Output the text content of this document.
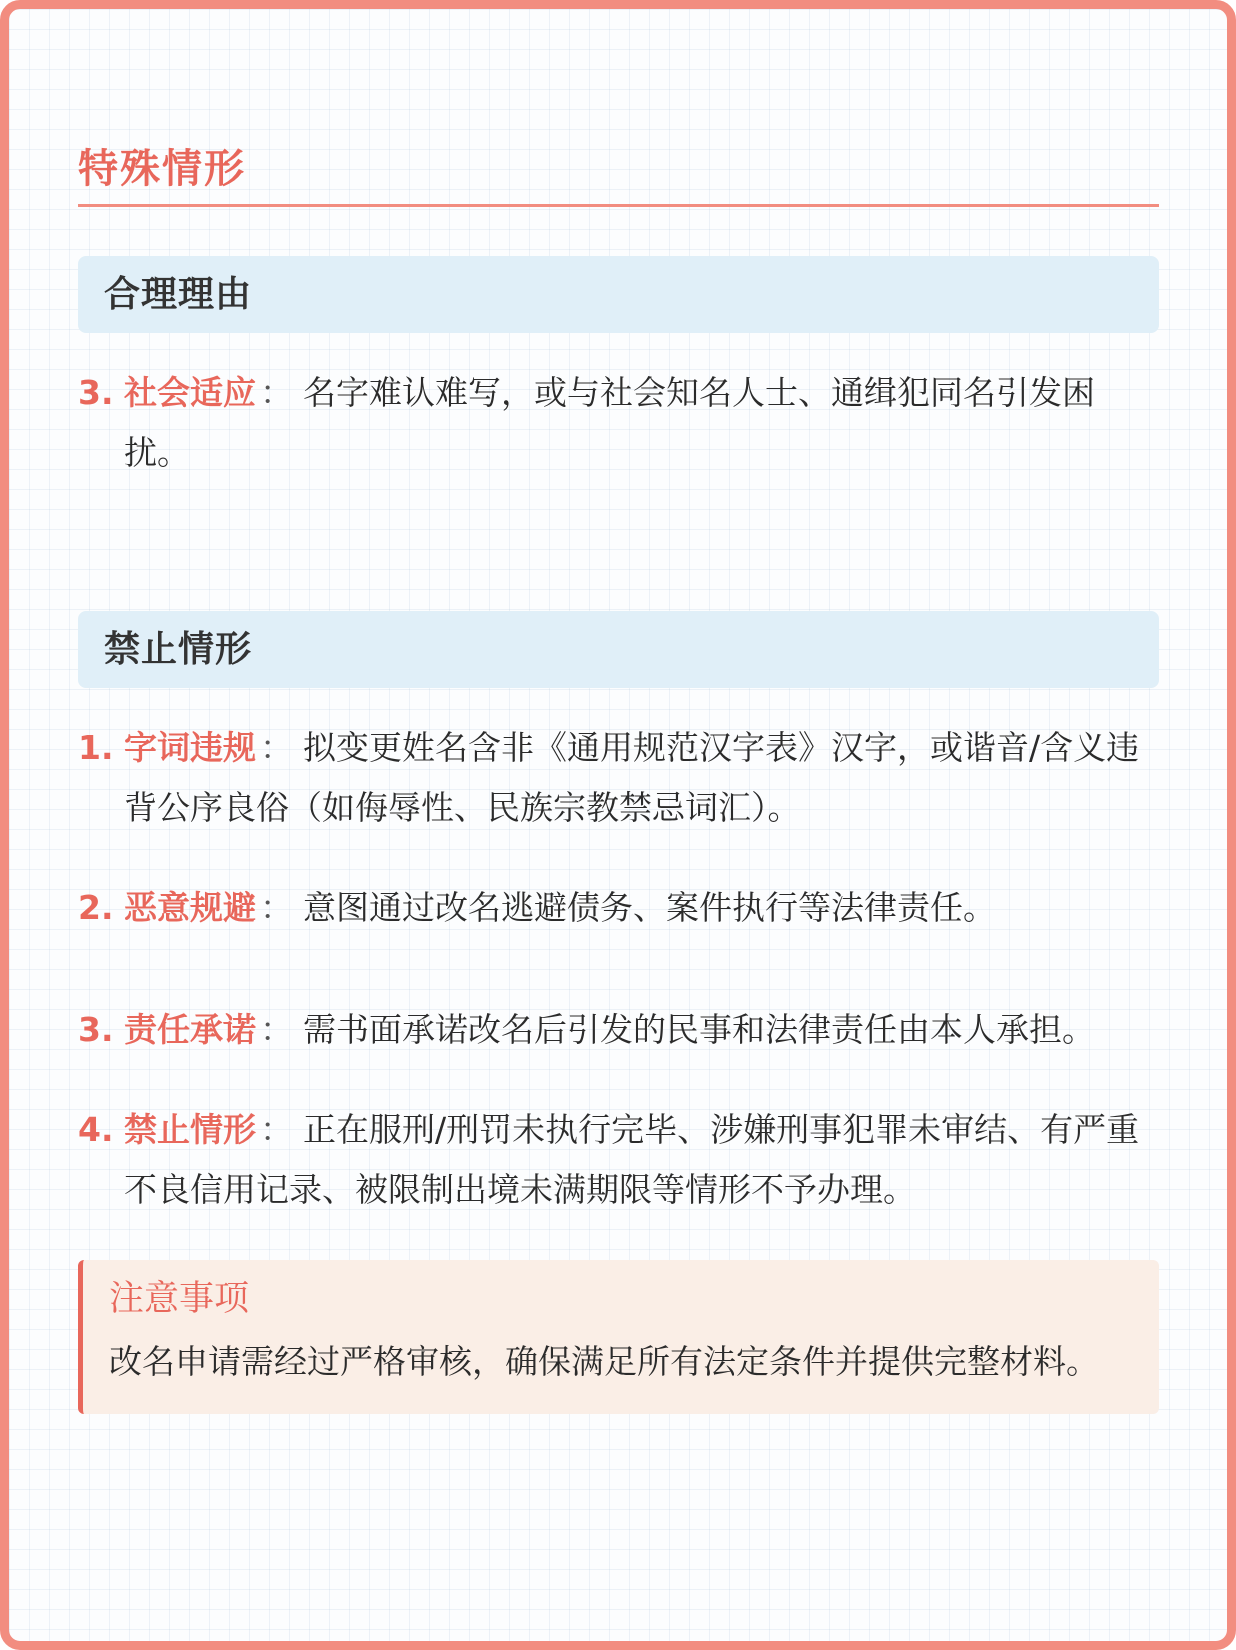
特殊情形
合理理由
3. 社会适应 ： 名字难认难写，或与社会知名人士、通缉犯同名引发困扰。
禁止情形
1. 字词违规 ： 拟变更姓名含非《通用规范汉字表》汉字，或谐音/含义违背公序良俗（如侮辱性、民族宗教禁忌词汇）。
2. 恶意规避 ： 意图通过改名逃避债务、案件执行等法律责任。
3. 责任承诺 ： 需书面承诺改名后引发的民事和法律责任由本人承担。
4. 禁止情形 ： 正在服刑/刑罚未执行完毕、涉嫌刑事犯罪未审结、有严重不良信用记录、被限制出境未满期限等情形不予办理。
注意事项
改名申请需经过严格审核，确保满足所有法定条件并提供完整材料。
